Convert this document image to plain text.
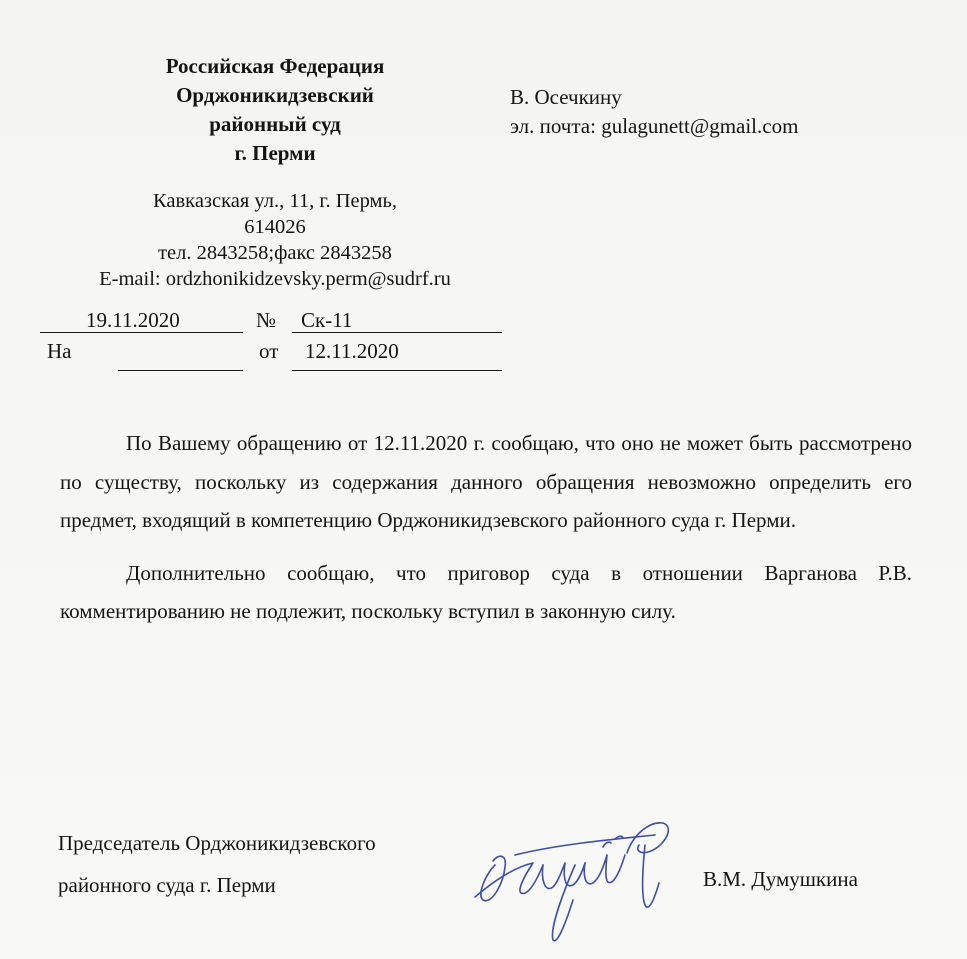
Российская Федерация
Орджоникидзевский
районный суд
г. Перми
Кавказская ул., 11, г. Пермь,
614026
тел. 2843258;факс 2843258
E-mail: ordzhonikidzevsky.perm@sudrf.ru
В. Осечкину
эл. почта: gulagunett@gmail.com
19.11.2020	№ Ск-11
На	от 12.11.2020

По Вашему обращению от 12.11.2020 г. сообщаю, что оно не может быть рассмотрено по существу, поскольку из содержания данного обращения невозможно определить его предмет, входящий в компетенцию Орджоникидзевского районного суда г. Перми.

Дополнительно сообщаю, что приговор суда в отношении Варганова Р.В. комментированию не подлежит, поскольку вступил в законную силу.

Председатель Орджоникидзевского
районного суда г. Перми	В.М. Думушкина
